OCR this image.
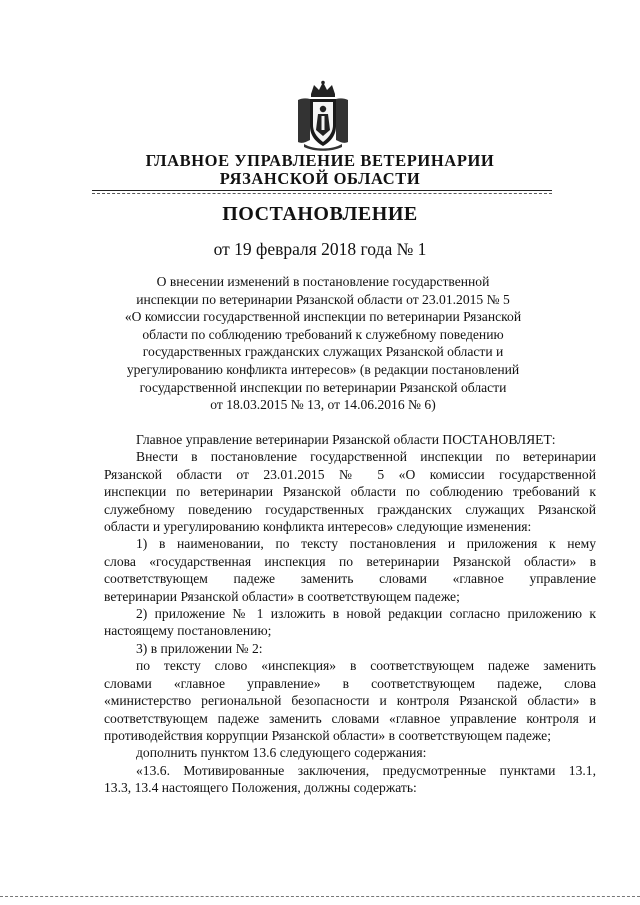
ГЛАВНОЕ УПРАВЛЕНИЕ ВЕТЕРИНАРИИ
РЯЗАНСКОЙ ОБЛАСТИ
ПОСТАНОВЛЕНИЕ
от 19 февраля 2018 года № 1
О внесении изменений в постановление государственной
инспекции по ветеринарии Рязанской области от 23.01.2015 № 5
«О комиссии государственной инспекции по ветеринарии Рязанской
области по соблюдению требований к служебному поведению
государственных гражданских служащих Рязанской области и
урегулированию конфликта интересов» (в редакции постановлений
государственной инспекции по ветеринарии Рязанской области
от 18.03.2015 № 13, от 14.06.2016 № 6)
Главное управление ветеринарии Рязанской области ПОСТАНОВЛЯЕТ:
Внести в постановление государственной инспекции по ветеринарии
Рязанской области от 23.01.2015 № 5 «О комиссии государственной
инспекции по ветеринарии Рязанской области по соблюдению требований к
служебному поведению государственных гражданских служащих Рязанской
области и урегулированию конфликта интересов» следующие изменения:
1) в наименовании, по тексту постановления и приложения к нему
слова «государственная инспекция по ветеринарии Рязанской области» в
соответствующем падеже заменить словами «главное управление
ветеринарии Рязанской области» в соответствующем падеже;
2) приложение № 1 изложить в новой редакции согласно приложению к
настоящему постановлению;
3) в приложении № 2:
по тексту слово «инспекция» в соответствующем падеже заменить
словами «главное управление» в соответствующем падеже, слова
«министерство региональной безопасности и контроля Рязанской области» в
соответствующем падеже заменить словами «главное управление контроля и
противодействия коррупции Рязанской области» в соответствующем падеже;
дополнить пунктом 13.6 следующего содержания:
«13.6. Мотивированные заключения, предусмотренные пунктами 13.1,
13.3, 13.4 настоящего Положения, должны содержать:
